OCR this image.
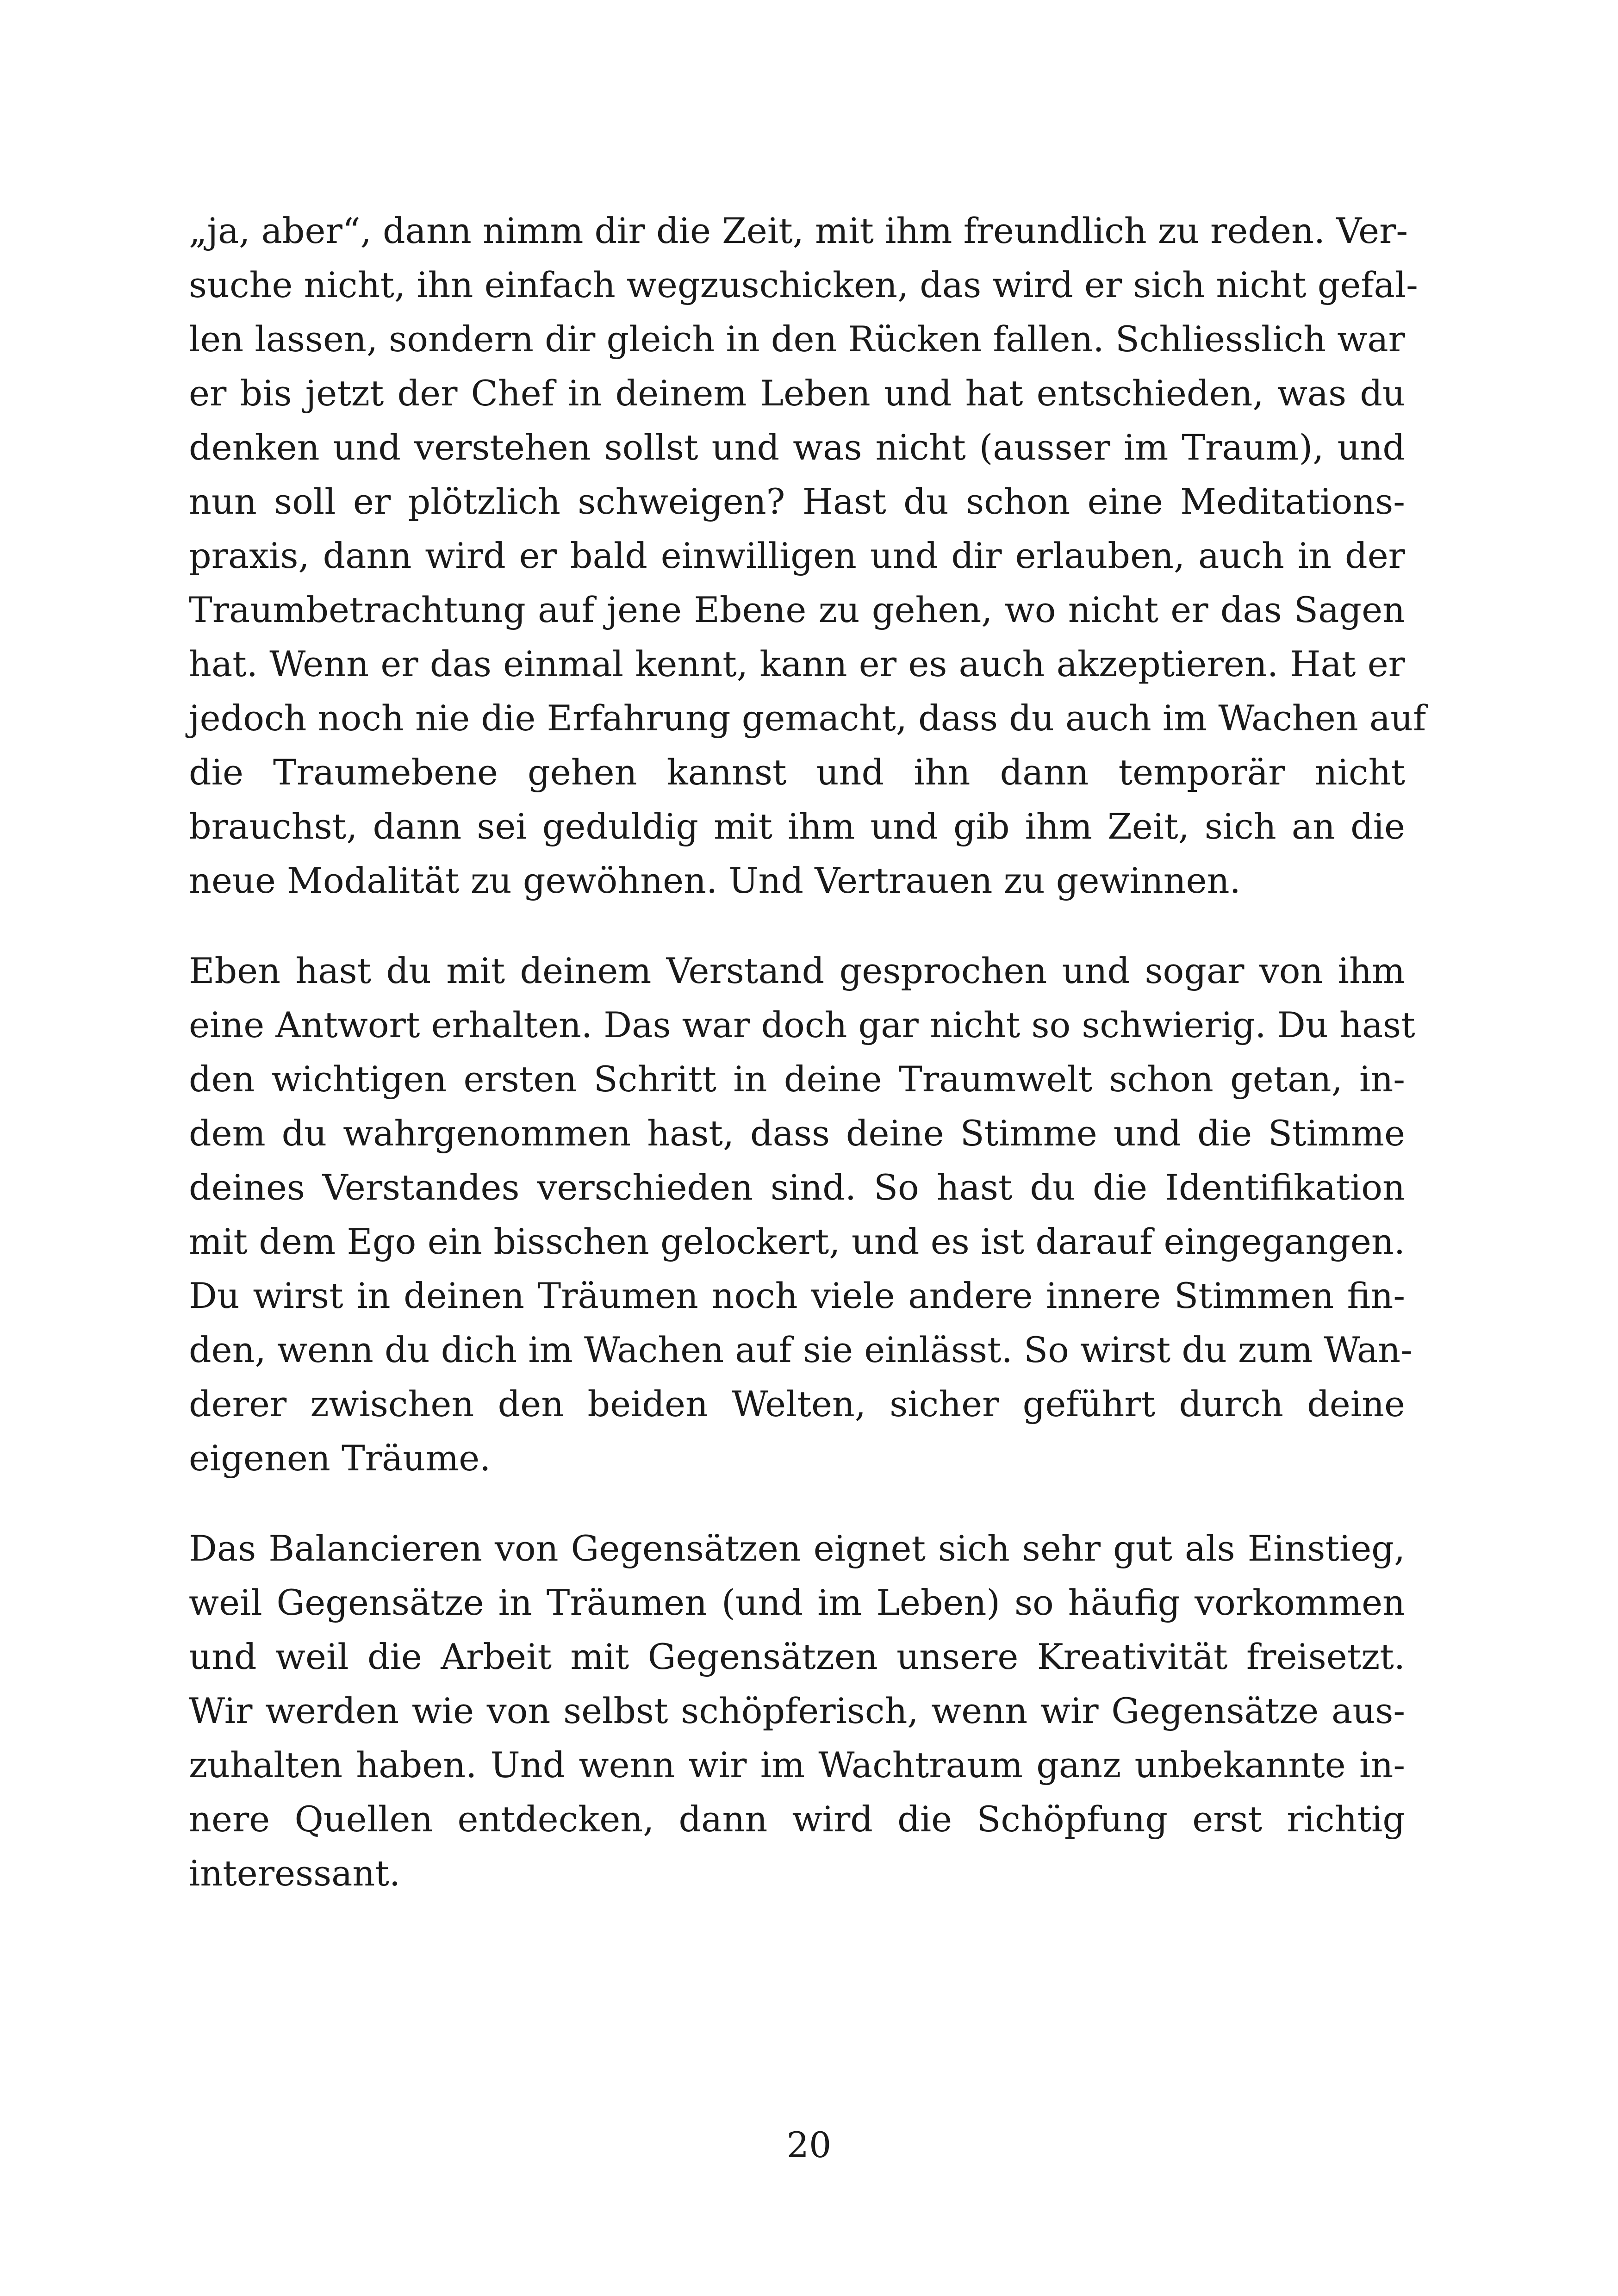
„ja, aber“, dann nimm dir die Zeit, mit ihm freundlich zu reden. Ver-
suche nicht, ihn einfach wegzuschicken, das wird er sich nicht gefal-
len lassen, sondern dir gleich in den Rücken fallen. Schliesslich war
er bis jetzt der Chef in deinem Leben und hat entschieden, was du
denken und verstehen sollst und was nicht (ausser im Traum), und
nun soll er plötzlich schweigen? Hast du schon eine Meditations-
praxis, dann wird er bald einwilligen und dir erlauben, auch in der
Traumbetrachtung auf jene Ebene zu gehen, wo nicht er das Sagen
hat. Wenn er das einmal kennt, kann er es auch akzeptieren. Hat er
jedoch noch nie die Erfahrung gemacht, dass du auch im Wachen auf
die Traumebene gehen kannst und ihn dann temporär nicht
brauchst, dann sei geduldig mit ihm und gib ihm Zeit, sich an die
neue Modalität zu gewöhnen. Und Vertrauen zu gewinnen.

Eben hast du mit deinem Verstand gesprochen und sogar von ihm
eine Antwort erhalten. Das war doch gar nicht so schwierig. Du hast
den wichtigen ersten Schritt in deine Traumwelt schon getan, in-
dem du wahrgenommen hast, dass deine Stimme und die Stimme
deines Verstandes verschieden sind. So hast du die Identifikation
mit dem Ego ein bisschen gelockert, und es ist darauf eingegangen.
Du wirst in deinen Träumen noch viele andere innere Stimmen fin-
den, wenn du dich im Wachen auf sie einlässt. So wirst du zum Wan-
derer zwischen den beiden Welten, sicher geführt durch deine
eigenen Träume.

Das Balancieren von Gegensätzen eignet sich sehr gut als Einstieg,
weil Gegensätze in Träumen (und im Leben) so häufig vorkommen
und weil die Arbeit mit Gegensätzen unsere Kreativität freisetzt.
Wir werden wie von selbst schöpferisch, wenn wir Gegensätze aus-
zuhalten haben. Und wenn wir im Wachtraum ganz unbekannte in-
nere Quellen entdecken, dann wird die Schöpfung erst richtig
interessant.

20
